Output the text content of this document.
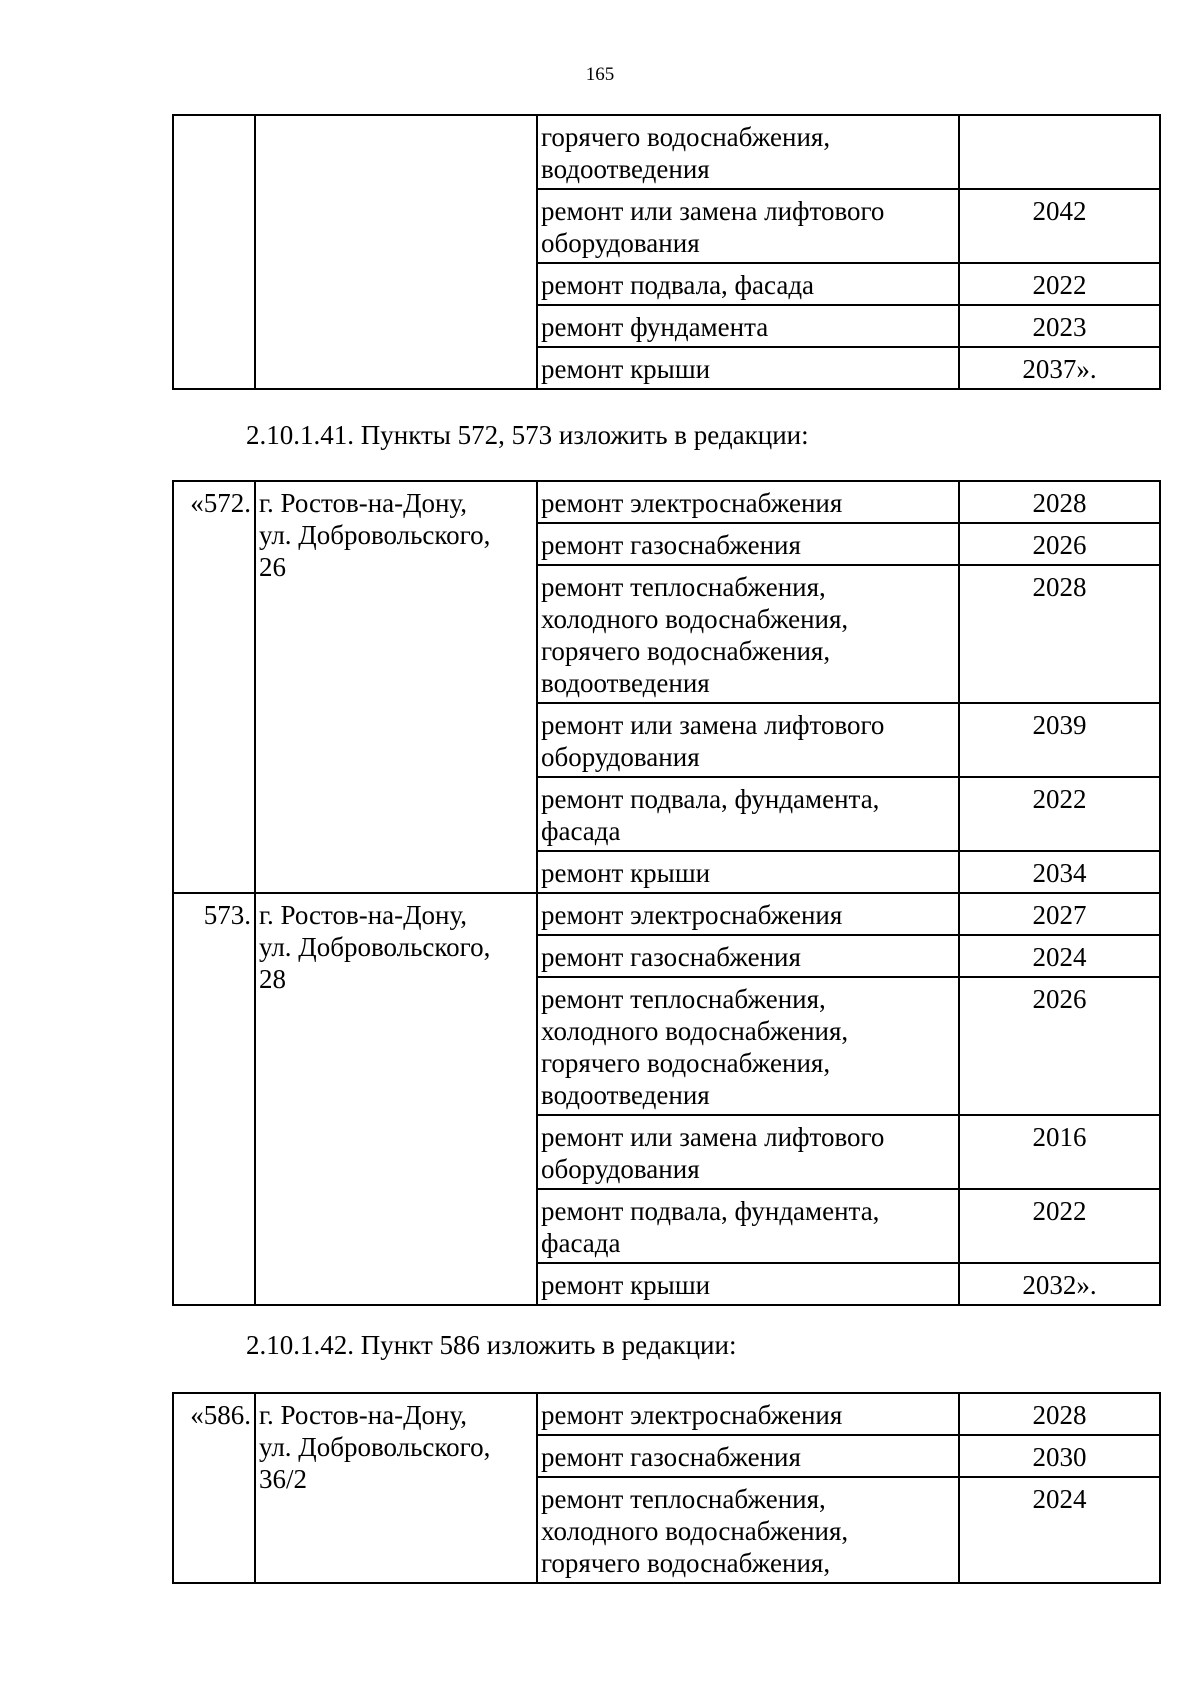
165

		горячего водоснабжения,
водоотведения	

		ремонт или замена лифтового
оборудования	2042

		ремонт подвала, фасада	2022

		ремонт фундамента	2023

		ремонт крыши	2037».
2.10.1.41. Пункты 572, 573 изложить в редакции:
«572.	г. Ростов-на-Дону,
ул. Добровольского,
26	ремонт электроснабжения	2028

		ремонт газоснабжения	2026

		ремонт теплоснабжения,
холодного водоснабжения,
горячего водоснабжения,
водоотведения	2028

		ремонт или замена лифтового
оборудования	2039

		ремонт подвала, фундамента,
фасада	2022

		ремонт крыши	2034
573.	г. Ростов-на-Дону,
ул. Добровольского,
28	ремонт электроснабжения	2027

		ремонт газоснабжения	2024

		ремонт теплоснабжения,
холодного водоснабжения,
горячего водоснабжения,
водоотведения	2026

		ремонт или замена лифтового
оборудования	2016

		ремонт подвала, фундамента,
фасада	2022

		ремонт крыши	2032».
2.10.1.42. Пункт 586 изложить в редакции:
«586.	г. Ростов-на-Дону,
ул. Добровольского,
36/2	ремонт электроснабжения	2028

		ремонт газоснабжения	2030

		ремонт теплоснабжения,
холодного водоснабжения,
горячего водоснабжения,	2024
